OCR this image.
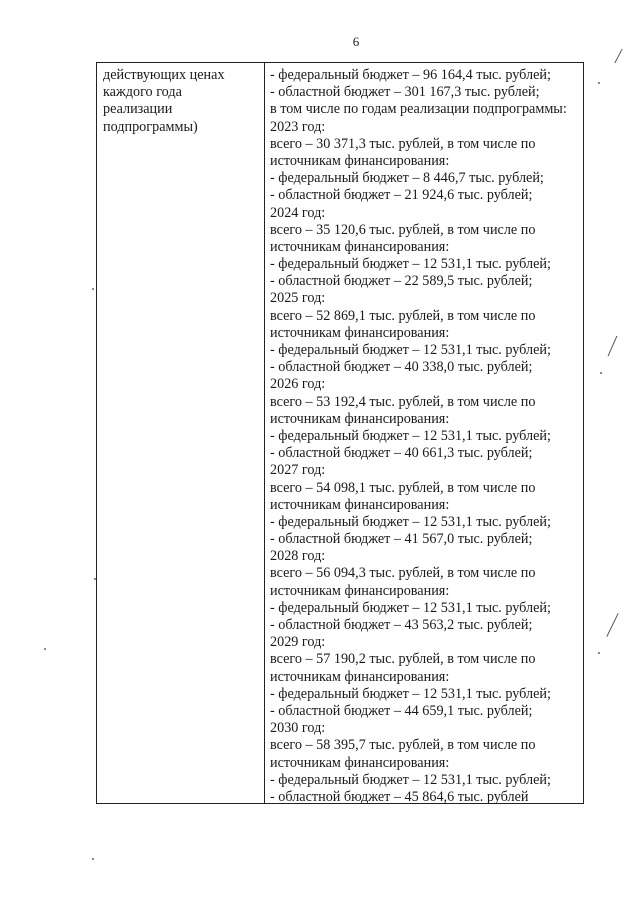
6
действующих ценах
каждого года
реализации
подпрограммы)
- федеральный бюджет – 96 164,4 тыс. рублей;
- областной бюджет – 301 167,3 тыс. рублей;
в том числе по годам реализации подпрограммы:
2023 год:
всего – 30 371,3 тыс. рублей, в том числе по
источникам финансирования:
- федеральный бюджет – 8 446,7 тыс. рублей;
- областной бюджет – 21 924,6 тыс. рублей;
2024 год:
всего – 35 120,6 тыс. рублей, в том числе по
источникам финансирования:
- федеральный бюджет – 12 531,1 тыс. рублей;
- областной бюджет – 22 589,5 тыс. рублей;
2025 год:
всего – 52 869,1 тыс. рублей, в том числе по
источникам финансирования:
- федеральный бюджет – 12 531,1 тыс. рублей;
- областной бюджет – 40 338,0 тыс. рублей;
2026 год:
всего – 53 192,4 тыс. рублей, в том числе по
источникам финансирования:
- федеральный бюджет – 12 531,1 тыс. рублей;
- областной бюджет – 40 661,3 тыс. рублей;
2027 год:
всего – 54 098,1 тыс. рублей, в том числе по
источникам финансирования:
- федеральный бюджет – 12 531,1 тыс. рублей;
- областной бюджет – 41 567,0 тыс. рублей;
2028 год:
всего – 56 094,3 тыс. рублей, в том числе по
источникам финансирования:
- федеральный бюджет – 12 531,1 тыс. рублей;
- областной бюджет – 43 563,2 тыс. рублей;
2029 год:
всего – 57 190,2 тыс. рублей, в том числе по
источникам финансирования:
- федеральный бюджет – 12 531,1 тыс. рублей;
- областной бюджет – 44 659,1 тыс. рублей;
2030 год:
всего – 58 395,7 тыс. рублей, в том числе по
источникам финансирования:
- федеральный бюджет – 12 531,1 тыс. рублей;
- областной бюджет – 45 864,6 тыс. рублей
